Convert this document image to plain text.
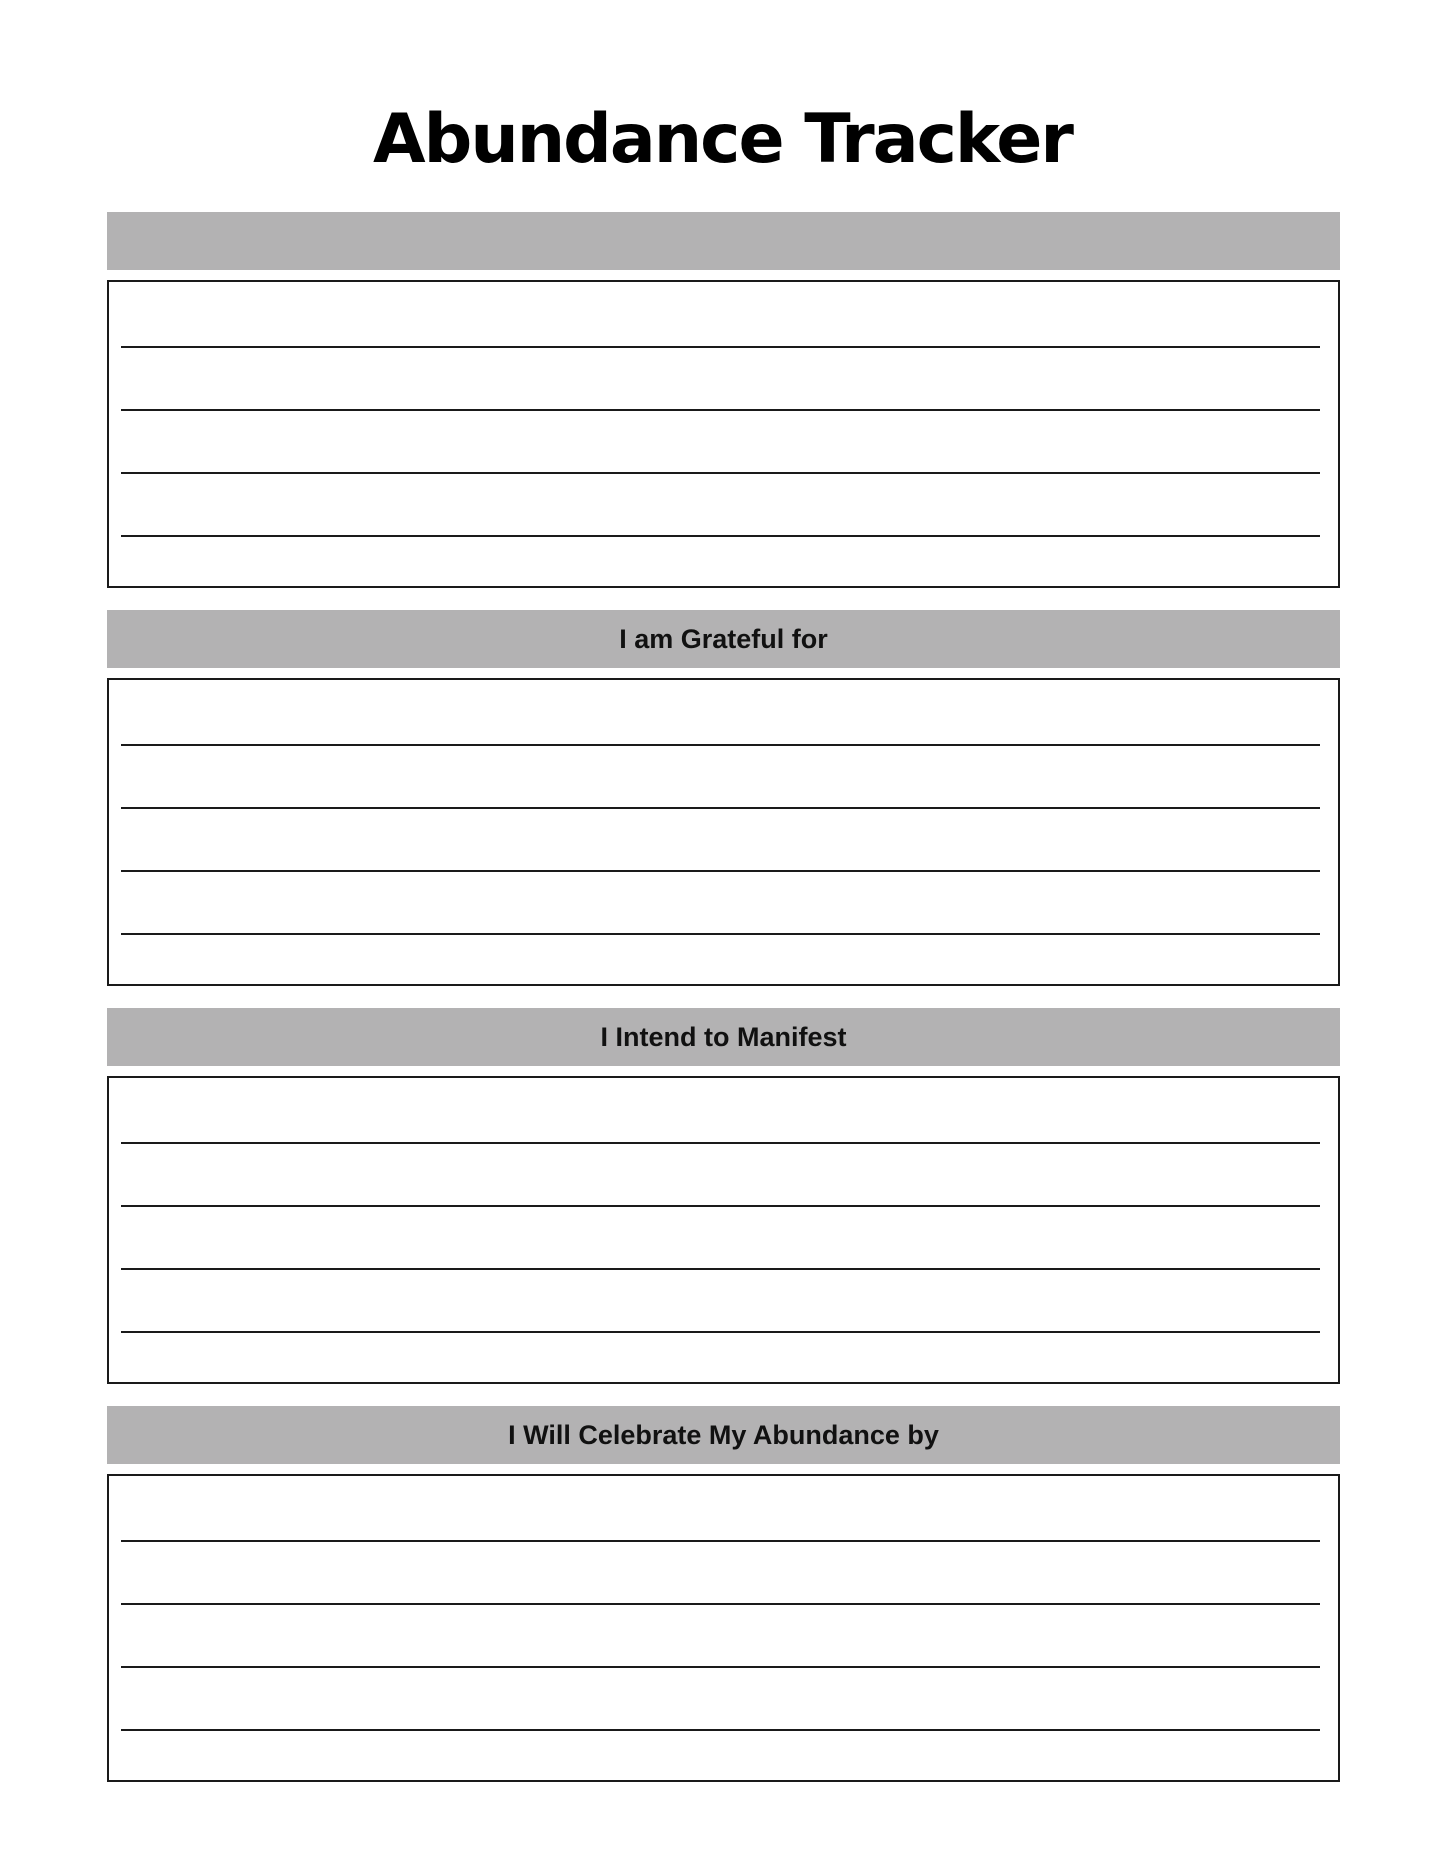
Abundance Tracker
I am Grateful for
I Intend to Manifest
I Will Celebrate My Abundance by
